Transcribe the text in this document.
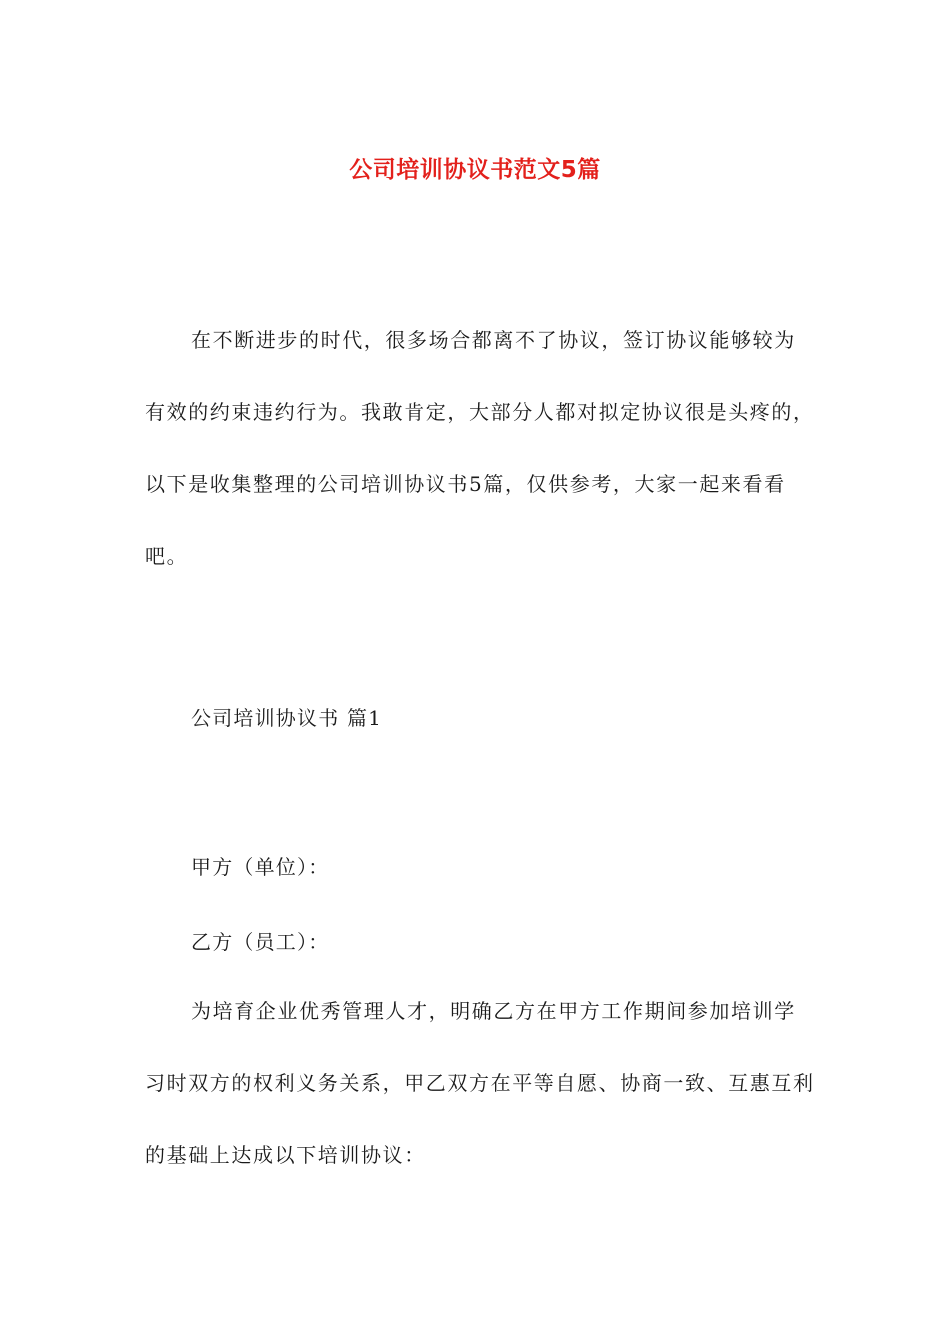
公司培训协议书范文5篇

在不断进步的时代，很多场合都离不了协议，签订协议能够较为有效的约束违约行为。我敢肯定，大部分人都对拟定协议很是头疼的，以下是收集整理的公司培训协议书5篇，仅供参考，大家一起来看看吧。

公司培训协议书 篇1

甲方（单位）：

乙方（员工）：

为培育企业优秀管理人才，明确乙方在甲方工作期间参加培训学习时双方的权利义务关系，甲乙双方在平等自愿、协商一致、互惠互利的基础上达成以下培训协议：
